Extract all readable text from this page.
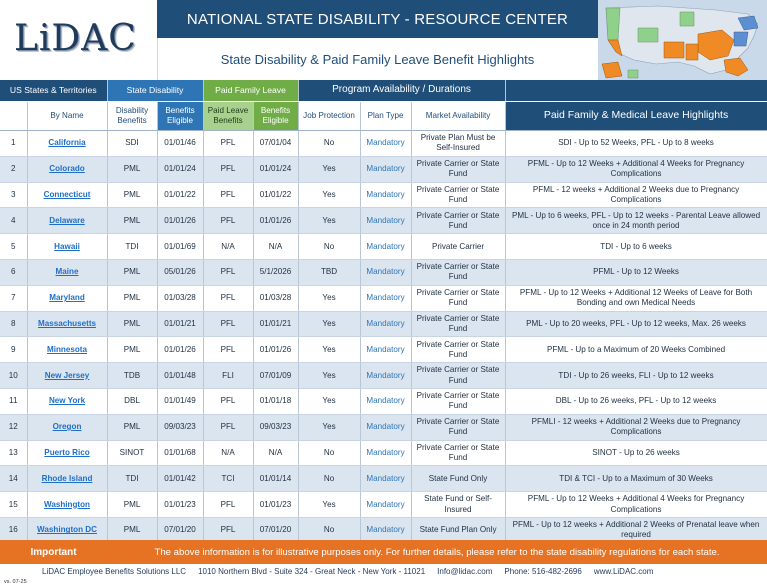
LiDAC	NATIONAL STATE DISABILITY - RESOURCE CENTER
State Disability & Paid Family Leave Benefit Highlights
US States & Territories		State Disability		Paid Family Leave		Program Availability / Durations			
	By Name	Disability Benefits	Benefits Eligible	Paid Leave Benefits	Benefits Eligible	Job Protection	Plan Type	Market Availability	Paid Family & Medical Leave Highlights
1	California	SDI	01/01/46	PFL	07/01/04	No	Mandatory	Private Plan Must be Self-Insured	SDI - Up to 52 Weeks, PFL - Up to 8 weeks
2	Colorado	PML	01/01/24	PFL	01/01/24	Yes	Mandatory	Private Carrier or State Fund	PFML - Up to 12 Weeks + Additional 4 Weeks for Pregnancy Complications
3	Connecticut	PML	01/01/22	PFL	01/01/22	Yes	Mandatory	Private Carrier or State Fund	PFML - 12 weeks + Additional 2 Weeks due to Pregnancy Complications
4	Delaware	PML	01/01/26	PFL	01/01/26	Yes	Mandatory	Private Carrier or State Fund	PML - Up to 6 weeks, PFL - Up to 12 weeks - Parental Leave allowed once in 24 month period
5	Hawaii	TDI	01/01/69	N/A	N/A	No	Mandatory	Private Carrier	TDI - Up to 6 weeks
6	Maine	PML	05/01/26	PFL	5/1/2026	TBD	Mandatory	Private Carrier or State Fund	PFML - Up to 12 Weeks
7	Maryland	PML	01/03/28	PFL	01/03/28	Yes	Mandatory	Private Carrier or State Fund	PFML - Up to 12 Weeks + Additional 12 Weeks of Leave for Both Bonding and own Medical Needs
8	Massachusetts	PML	01/01/21	PFL	01/01/21	Yes	Mandatory	Private Carrier or State Fund	PML - Up to 20 weeks, PFL - Up to 12 weeks, Max. 26 weeks
9	Minnesota	PML	01/01/26	PFL	01/01/26	Yes	Mandatory	Private Carrier or State Fund	PFML - Up to a Maximum of 20 Weeks Combined
10	New Jersey	TDB	01/01/48	FLI	07/01/09	Yes	Mandatory	Private Carrier or State Fund	TDI - Up to 26 weeks, FLI - Up to 12 weeks
11	New York	DBL	01/01/49	PFL	01/01/18	Yes	Mandatory	Private Carrier or State Fund	DBL - Up to 26 weeks, PFL - Up to 12 weeks
12	Oregon	PML	09/03/23	PFL	09/03/23	Yes	Mandatory	Private Carrier or State Fund	PFMLI - 12 weeks + Additional 2 Weeks due to Pregnancy Complications
13	Puerto Rico	SINOT	01/01/68	N/A	N/A	No	Mandatory	Private Carrier or State Fund	SINOT - Up to 26 weeks
14	Rhode Island	TDI	01/01/42	TCI	01/01/14	No	Mandatory	State Fund Only	TDI & TCI - Up to a Maximum of 30 Weeks
15	Washington	PML	01/01/23	PFL	01/01/23	Yes	Mandatory	State Fund or Self-Insured	PFML - Up to 12 Weeks + Additional 4 Weeks for Pregnancy Complications
16	Washington DC	PML	07/01/20	PFL	07/01/20	No	Mandatory	State Fund Plan Only	PFML - Up to 12 weeks + Additional 2 Weeks of Prenatal leave when required
Important	The above information is for illustrative purposes only. For further details, please refer to the state disability regulations for each state.
LiDAC Employee Benefits Solutions LLC 1010 Northern Blvd - Suite 324 - Great Neck - New York - 11021 Info@lidac.com Phone: 516-482-2696 www.LiDAC.com
vs. 07-25
